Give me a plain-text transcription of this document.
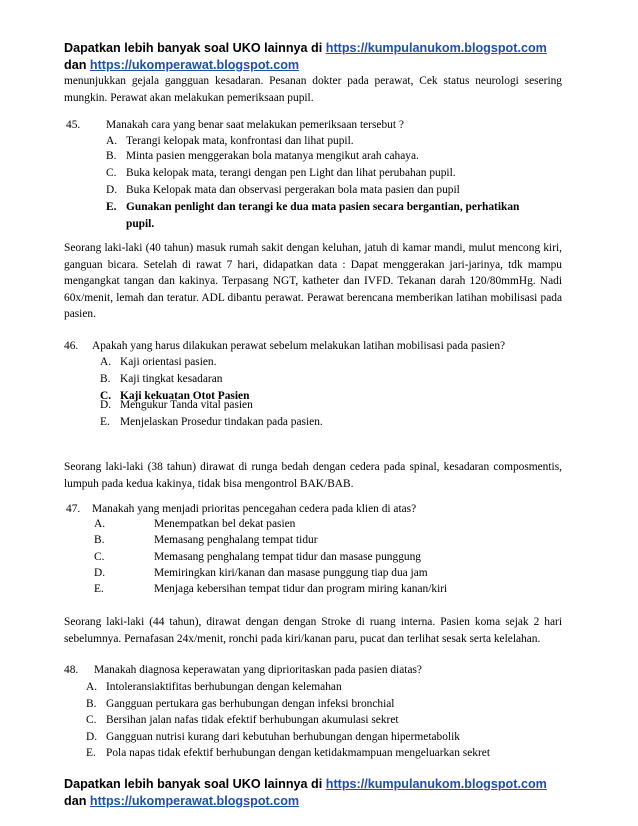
Dapatkan lebih banyak soal UKO lainnya di https://kumpulanukom.blogspot.com
dan https://ukomperawat.blogspot.com
menunjukkan gejala gangguan kesadaran. Pesanan dokter pada perawat, Cek status neurologi sesering mungkin. Perawat akan melakukan pemeriksaan pupil.
45. Manakah cara yang benar saat melakukan pemeriksaan tersebut ?
A. Terangi kelopak mata, konfrontasi dan lihat pupil.
B. Minta pasien menggerakan bola matanya mengikut arah cahaya.
C. Buka kelopak mata, terangi dengan pen Light dan lihat perubahan pupil.
D. Buka Kelopak mata dan observasi pergerakan bola mata pasien dan pupil
E. Gunakan penlight dan terangi ke dua mata pasien secara bergantian, perhatikan
pupil.
Seorang laki-laki (40 tahun) masuk rumah sakit dengan keluhan, jatuh di kamar mandi, mulut mencong kiri, ganguan bicara. Setelah di rawat 7 hari, didapatkan data : Dapat menggerakan jari-jarinya, tdk mampu mengangkat tangan dan kakinya. Terpasang NGT, katheter dan IVFD. Tekanan darah 120/80mmHg. Nadi 60x/menit, lemah dan teratur. ADL dibantu perawat. Perawat berencana memberikan latihan mobilisasi pada pasien.
46. Apakah yang harus dilakukan perawat sebelum melakukan latihan mobilisasi pada pasien?
A. Kaji orientasi pasien.
B. Kaji tingkat kesadaran
C. Kaji kekuatan Otot Pasien
D. Mengukur Tanda vital pasien
E. Menjelaskan Prosedur tindakan pada pasien.
Seorang laki-laki (38 tahun) dirawat di runga bedah dengan cedera pada spinal, kesadaran composmentis, lumpuh pada kedua kakinya, tidak bisa mengontrol BAK/BAB.
47. Manakah yang menjadi prioritas pencegahan cedera pada klien di atas?
A.	Menempatkan bel dekat pasien
B.	Memasang penghalang tempat tidur
C.	Memasang penghalang tempat tidur dan masase punggung
D.	Memiringkan kiri/kanan dan masase punggung tiap dua jam
E.	Menjaga kebersihan tempat tidur dan program miring kanan/kiri
Seorang laki-laki (44 tahun), dirawat dengan dengan Stroke di ruang interna. Pasien koma sejak 2 hari sebelumnya. Pernafasan 24x/menit, ronchi pada kiri/kanan paru, pucat dan terlihat sesak serta kelelahan.
48. Manakah diagnosa keperawatan yang diprioritaskan pada pasien diatas?
A. Intoleransiaktifitas berhubungan dengan kelemahan
B. Gangguan pertukara gas berhubungan dengan infeksi bronchial
C. Bersihan jalan nafas tidak efektif berhubungan akumulasi sekret
D. Gangguan nutrisi kurang dari kebutuhan berhubungan dengan hipermetabolik
E. Pola napas tidak efektif berhubungan dengan ketidakmampuan mengeluarkan sekret
Dapatkan lebih banyak soal UKO lainnya di https://kumpulanukom.blogspot.com
dan https://ukomperawat.blogspot.com
